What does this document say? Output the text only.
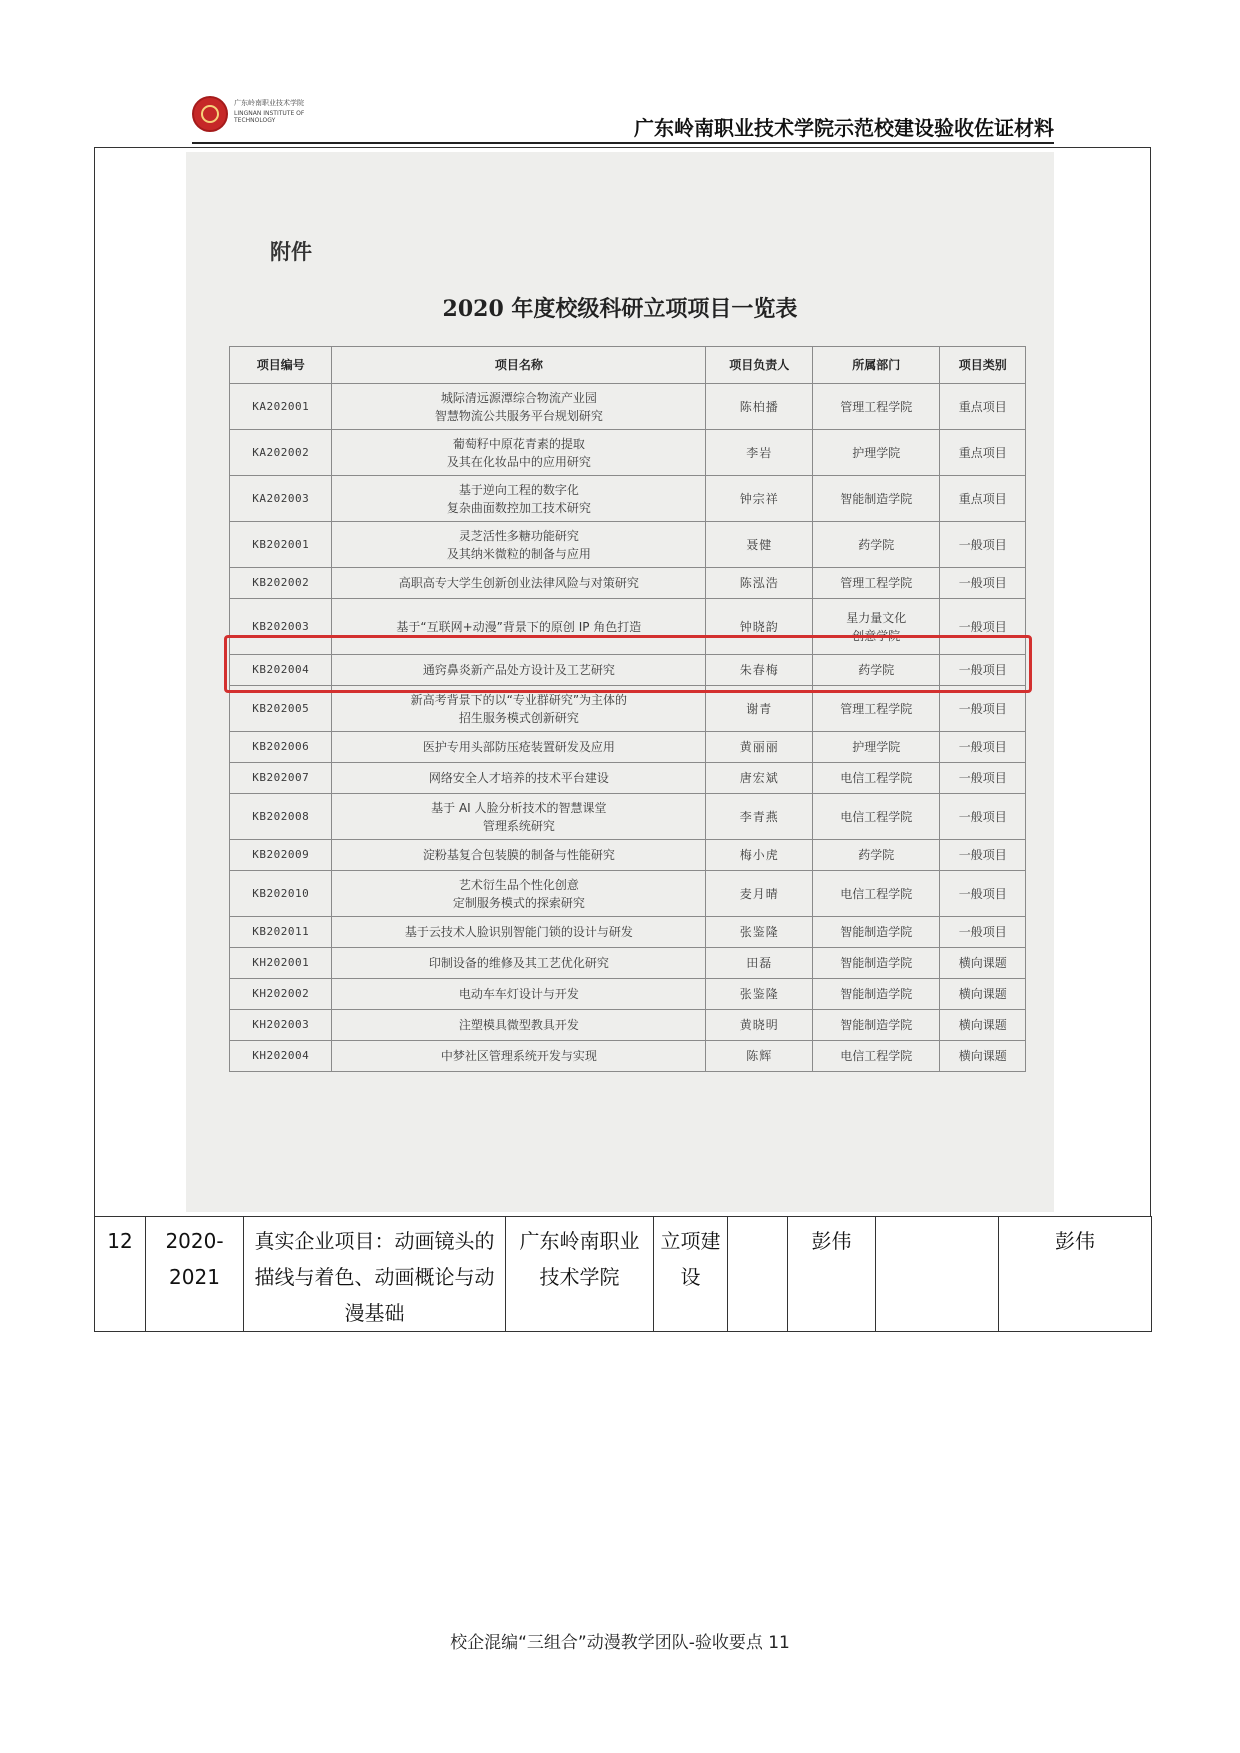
广东岭南职业技术学院
LINGNAN INSTITUTE OF TECHNOLOGY	广东岭南职业技术学院示范校建设验收佐证材料
附件
2020 年度校级科研立项项目一览表
项目编号	项目名称	项目负责人	所属部门	项目类别
KA202001	城际清远源潭综合物流产业园
智慧物流公共服务平台规划研究	陈柏播	管理工程学院	重点项目
KA202002	葡萄籽中原花青素的提取
及其在化妆品中的应用研究	李岩	护理学院	重点项目
KA202003	基于逆向工程的数字化
复杂曲面数控加工技术研究	钟宗祥	智能制造学院	重点项目
KB202001	灵芝活性多糖功能研究
及其纳米微粒的制备与应用	聂健	药学院	一般项目
KB202002	高职高专大学生创新创业法律风险与对策研究	陈泓浩	管理工程学院	一般项目
KB202003	基于“互联网+动漫”背景下的原创 IP 角色打造	钟晓韵	星力量文化
创意学院	一般项目
KB202004	通窍鼻炎新产品处方设计及工艺研究	朱春梅	药学院	一般项目
KB202005	新高考背景下的以“专业群研究”为主体的
招生服务模式创新研究	谢青	管理工程学院	一般项目
KB202006	医护专用头部防压疮装置研发及应用	黄丽丽	护理学院	一般项目
KB202007	网络安全人才培养的技术平台建设	唐宏斌	电信工程学院	一般项目
KB202008	基于 AI 人脸分析技术的智慧课堂
管理系统研究	李青燕	电信工程学院	一般项目
KB202009	淀粉基复合包装膜的制备与性能研究	梅小虎	药学院	一般项目
KB202010	艺术衍生品个性化创意
定制服务模式的探索研究	麦月晴	电信工程学院	一般项目
KB202011	基于云技术人脸识别智能门锁的设计与研发	张鉴隆	智能制造学院	一般项目
KH202001	印制设备的维修及其工艺优化研究	田磊	智能制造学院	横向课题
KH202002	电动车车灯设计与开发	张鉴隆	智能制造学院	横向课题
KH202003	注塑模具微型教具开发	黄晓明	智能制造学院	横向课题
KH202004	中梦社区管理系统开发与实现	陈辉	电信工程学院	横向课题
12	2020-2021	真实企业项目：动画镜头的描线与着色、动画概论与动漫基础	广东岭南职业技术学院	立项建设		彭伟		彭伟
校企混编“三组合”动漫教学团队-验收要点 11
